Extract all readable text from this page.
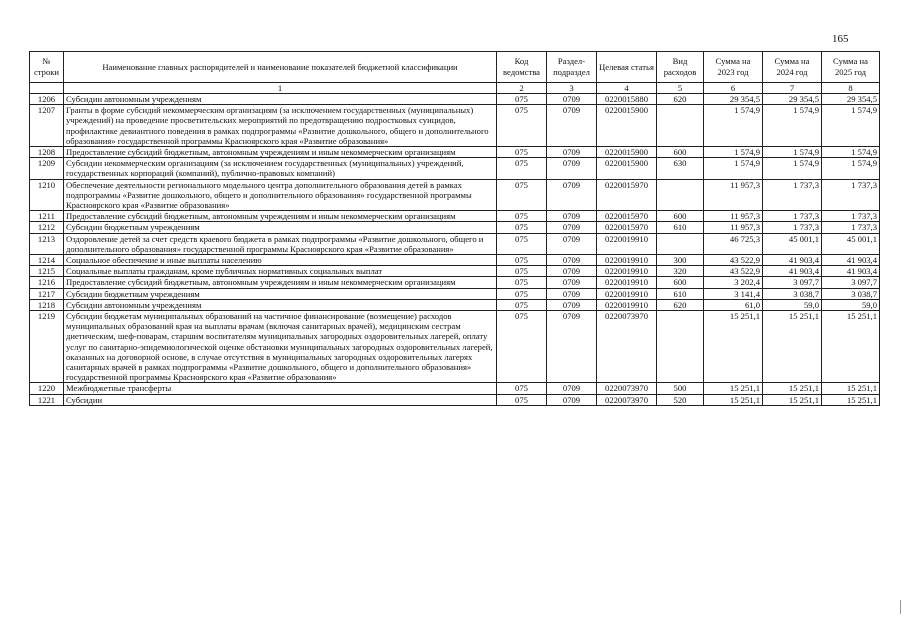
165
№ строки	Наименование главных распорядителей и наименование показателей бюджетной классификации	Код ведомства	Раздел-подраздел	Целевая статья	Вид расходов	Сумма на 2023 год	Сумма на 2024 год	Сумма на 2025 год
	1	2	3	4	5	6	7	8
1206	Субсидии автономным учреждениям	075	0709	0220015880	620	29 354,5	29 354,5	29 354,5
1207	Гранты в форме субсидий некоммерческим организациям (за исключением государственных (муниципальных) учреждений) на проведение просветительских мероприятий по предотвращению подростковых суицидов, профилактике девиантного поведения в рамках подпрограммы «Развитие дошкольного, общего и дополнительного образования» государственной программы Красноярского края «Развитие образования»	075	0709	0220015900		1 574,9	1 574,9	1 574,9
1208	Предоставление субсидий бюджетным, автономным учреждениям и иным некоммерческим организациям	075	0709	0220015900	600	1 574,9	1 574,9	1 574,9
1209	Субсидии некоммерческим организациям (за исключением государственных (муниципальных) учреждений, государственных корпораций (компаний), публично-правовых компаний)	075	0709	0220015900	630	1 574,9	1 574,9	1 574,9
1210	Обеспечение деятельности регионального модельного центра дополнительного образования детей в рамках подпрограммы «Развитие дошкольного, общего и дополнительного образования» государственной программы Красноярского края «Развитие образования»	075	0709	0220015970		11 957,3	1 737,3	1 737,3
1211	Предоставление субсидий бюджетным, автономным учреждениям и иным некоммерческим организациям	075	0709	0220015970	600	11 957,3	1 737,3	1 737,3
1212	Субсидии бюджетным учреждениям	075	0709	0220015970	610	11 957,3	1 737,3	1 737,3
1213	Оздоровление детей за счет средств краевого бюджета в рамках подпрограммы «Развитие дошкольного, общего и дополнительного образования» государственной программы Красноярского края «Развитие образования»	075	0709	0220019910		46 725,3	45 001,1	45 001,1
1214	Социальное обеспечение и иные выплаты населению	075	0709	0220019910	300	43 522,9	41 903,4	41 903,4
1215	Социальные выплаты гражданам, кроме публичных нормативных социальных выплат	075	0709	0220019910	320	43 522,9	41 903,4	41 903,4
1216	Предоставление субсидий бюджетным, автономным учреждениям и иным некоммерческим организациям	075	0709	0220019910	600	3 202,4	3 097,7	3 097,7
1217	Субсидии бюджетным учреждениям	075	0709	0220019910	610	3 141,4	3 038,7	3 038,7
1218	Субсидии автономным учреждениям	075	0709	0220019910	620	61,0	59,0	59,0
1219	Субсидии бюджетам муниципальных образований на частичное финансирование (возмещение) расходов муниципальных образований края на выплаты врачам (включая санитарных врачей), медицинским сестрам диетическим, шеф-поварам, старшим воспитателям муниципальных загородных оздоровительных лагерей, оплату услуг по санитарно-эпидемиологической оценке обстановки муниципальных загородных оздоровительных лагерей, оказанных на договорной основе, в случае отсутствия в муниципальных загородных оздоровительных лагерях санитарных врачей в рамках подпрограммы «Развитие дошкольного, общего и дополнительного образования» государственной программы Красноярского края «Развитие образования»	075	0709	0220073970		15 251,1	15 251,1	15 251,1
1220	Межбюджетные трансферты	075	0709	0220073970	500	15 251,1	15 251,1	15 251,1
1221	Субсидии	075	0709	0220073970	520	15 251,1	15 251,1	15 251,1
